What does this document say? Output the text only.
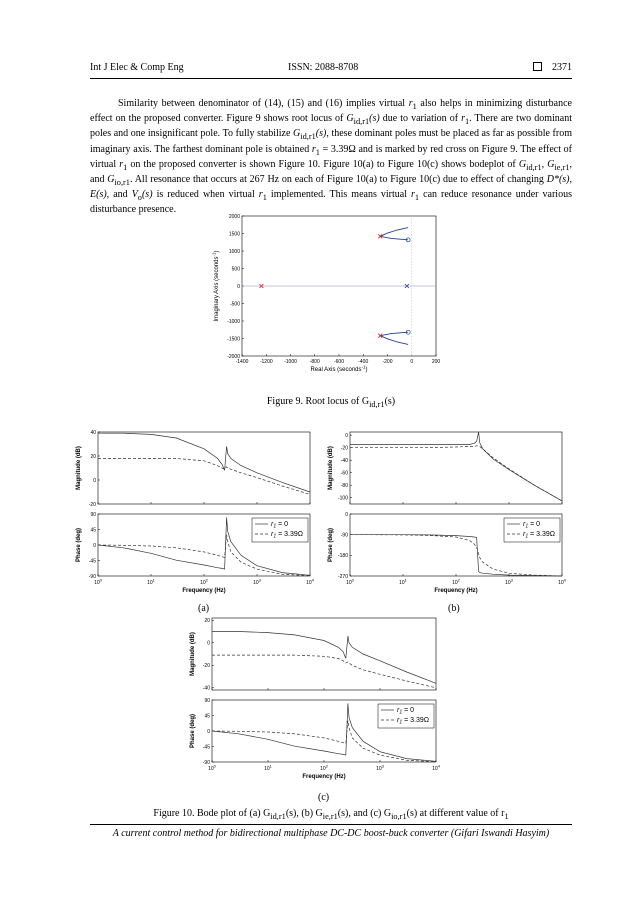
Int J Elec & Comp Eng	ISSN: 2088-8708	2371

Similarity between denominator of (14), (15) and (16) implies virtual $r_1$ also helps in minimizing disturbance effect on the proposed converter. Figure 9 shows root locus of $G_{id,r1}(s)$ due to variation of $r_1$. There are two dominant poles and one insignificant pole. To fully stabilize $G_{id,r1}(s)$, these dominant poles must be placed as far as possible from imaginary axis. The farthest dominant pole is obtained $r_1 = 3.39\Omega$ and is marked by red cross on Figure 9. The effect of virtual $r_1$ on the proposed converter is shown Figure 10. Figure 10(a) to Figure 10(c) shows bodeplot of $G_{id,r1}$, $G_{ie,r1}$, and $G_{io,r1}$. All resonance that occurs at 267 Hz on each of Figure 10(a) to Figure 10(c) due to effect of changing D*(s), E(s), and $V_o(s)$ is reduced when virtual $r_1$ implemented. This means virtual $r_1$ can reduce resonance under various disturbance presence.

-1400 -1200 -1000	-800	-600	-400	-200	0	200
-2000
-1500
-1000
-500
0
500
1000
1500
2000
Real Axis (seconds$^{-1}$)
Imaginary Axis (seconds$^{-1}$)
Figure 9. Root locus of $G_{id,r1}(s)$
-20
0
20
40
-90
-45
0
45
90
Magnitude (dB)
Phase (deg)
$10^0$	$10^1$	$10^2$	$10^3$	$10^4$
Frequency (Hz)
$r_1 = 0$
$r_1 = 3.39\Omega$
-100
-80
-60
-40
-20
0
-270
-180
-90
0
Magnitude (dB)
Phase (deg)
$10^0$	$10^1$	$10^2$	$10^3$	$10^4$
Frequency (Hz)
$r_1 = 0$
$r_1 = 3.39\Omega$
(a)	(b)
-40
-20
0
20
-90
-45
0
45
90
Magnitude (dB)
Phase (deg)
$10^0$	$10^1$	$10^2$	$10^3$	$10^4$
Frequency (Hz)
$r_1 = 0$
$r_1 = 3.39\Omega$
(c)
Figure 10. Bode plot of (a) $G_{id,r1}(s)$, (b) $G_{ie,r1}(s)$, and (c) $G_{io,r1}(s)$ at different value of $r_1$
A current control method for bidirectional multiphase DC-DC boost-buck converter (Gifari Iswandi Hasyim)
